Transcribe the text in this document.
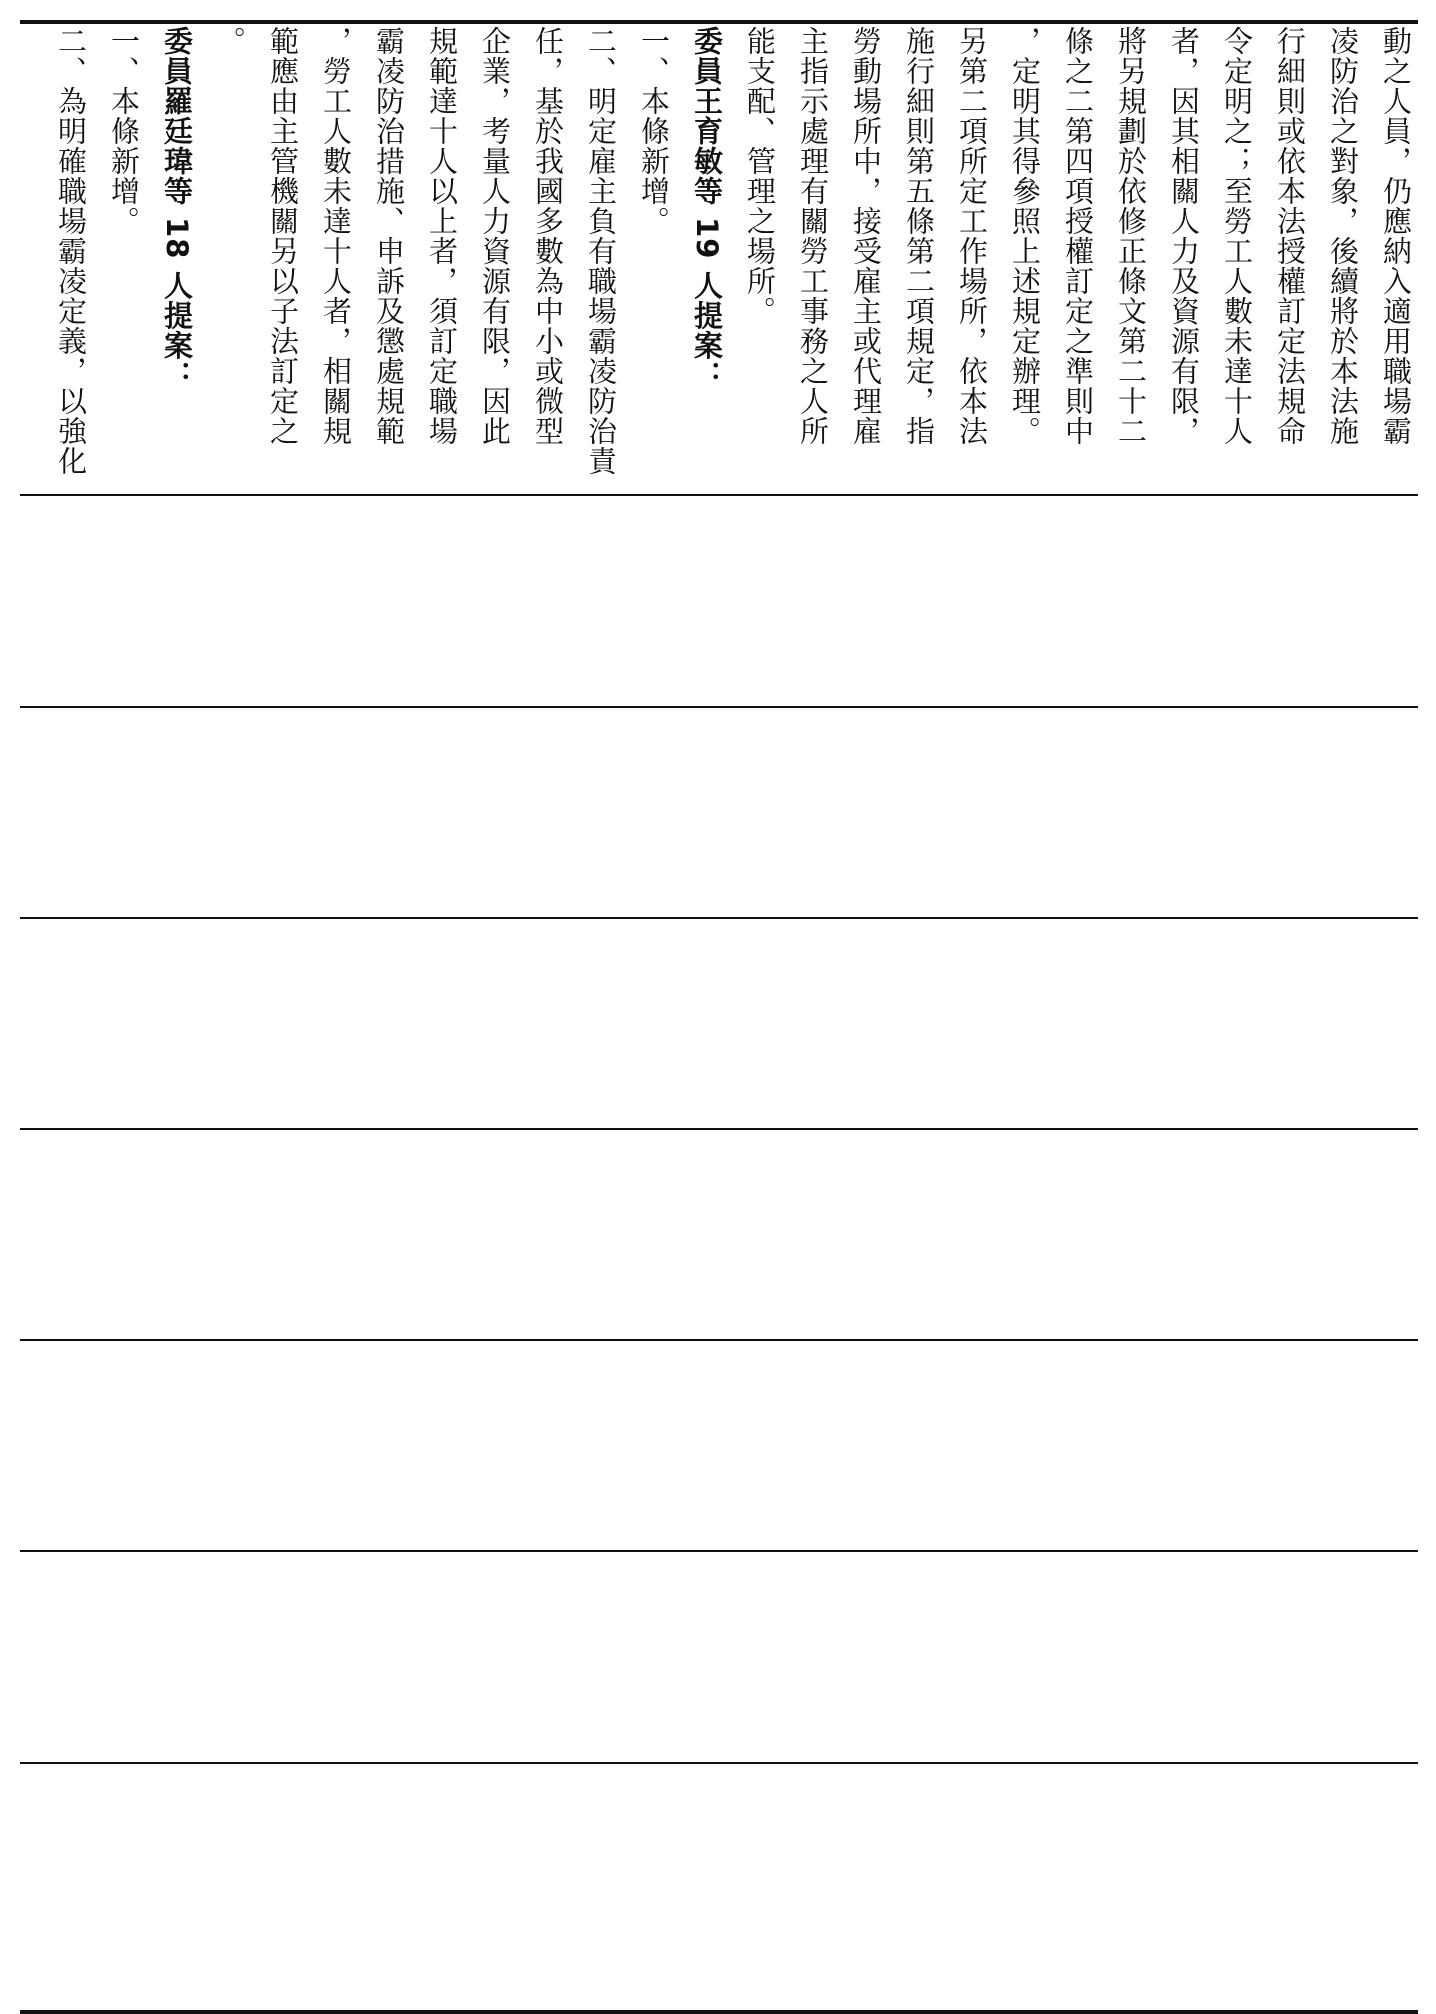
動之人員，仍應納入適用職場霸
凌防治之對象，後續將於本法施
行細則或依本法授權訂定法規命
令定明之；至勞工人數未達十人
者，因其相關人力及資源有限，
將另規劃於依修正條文第二十二
條之二第四項授權訂定之準則中
，定明其得參照上述規定辦理。
另第二項所定工作場所，依本法
施行細則第五條第二項規定，指
勞動場所中，接受雇主或代理雇
主指示處理有關勞工事務之人所
能支配、管理之場所。
委員王育敏等 19 人提案：
一、本條新增。
二、明定雇主負有職場霸凌防治責
任，基於我國多數為中小或微型
企業，考量人力資源有限，因此
規範達十人以上者，須訂定職場
霸凌防治措施、申訴及懲處規範
，勞工人數未達十人者，相關規
範應由主管機關另以子法訂定之
。
委員羅廷瑋等 18 人提案：
一、本條新增。
二、為明確職場霸凌定義，以強化
